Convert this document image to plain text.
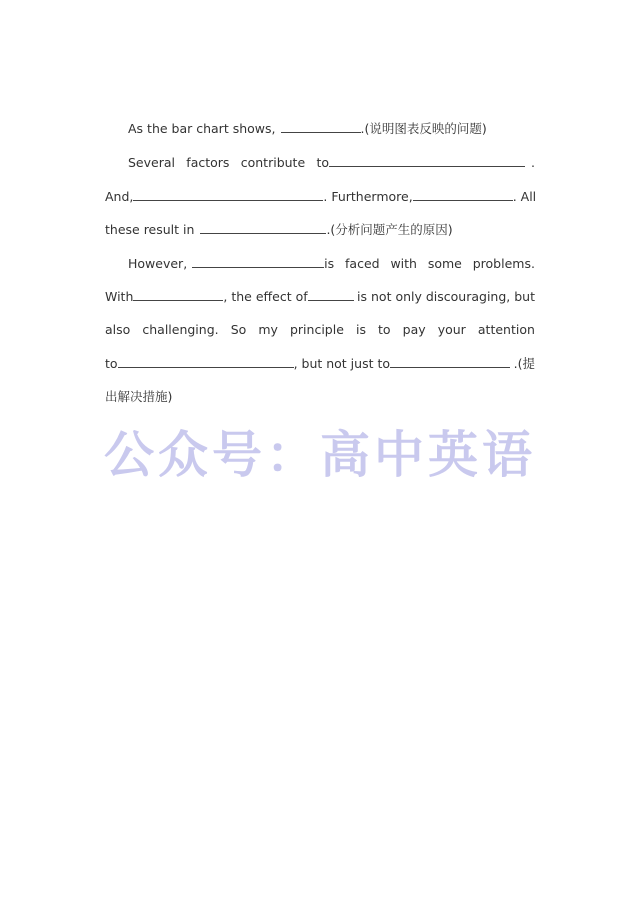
As the bar chart shows,	.(说明图表反映的问题)
Several factors contribute to	.
And,	. Furthermore,	. All
these result in	.(分析问题产生的原因)
However,	is faced with some problems.
With	, the effect of	is not only discouraging, but
also challenging. So my principle is to pay your attention
to	, but not just to	.(提
出解决措施)
公众号：高中英语
